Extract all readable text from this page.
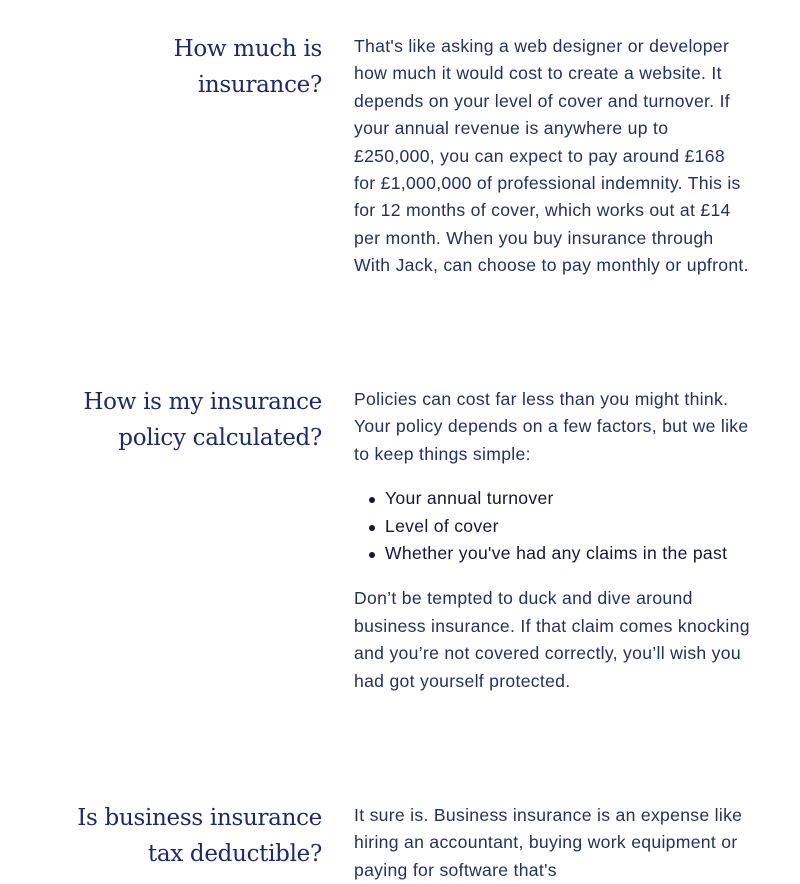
How much is
insurance?

That's like asking a web designer or developer how much it would cost to create a website. It depends on your level of cover and turnover. If your annual revenue is anywhere up to £250,000, you can expect to pay around £168 for £1,000,000 of professional indemnity. This is for 12 months of cover, which works out at £14 per month. When you buy insurance through With Jack, can choose to pay monthly or upfront.

How is my insurance
policy calculated?

Policies can cost far less than you might think. Your policy depends on a few factors, but we like to keep things simple:

Your annual turnover
Level of cover
Whether you've had any claims in the past

Don’t be tempted to duck and dive around business insurance. If that claim comes knocking and you’re not covered correctly, you’ll wish you had got yourself protected.

Is business insurance
tax deductible?

It sure is. Business insurance is an expense like hiring an accountant, buying work equipment or paying for software that's
